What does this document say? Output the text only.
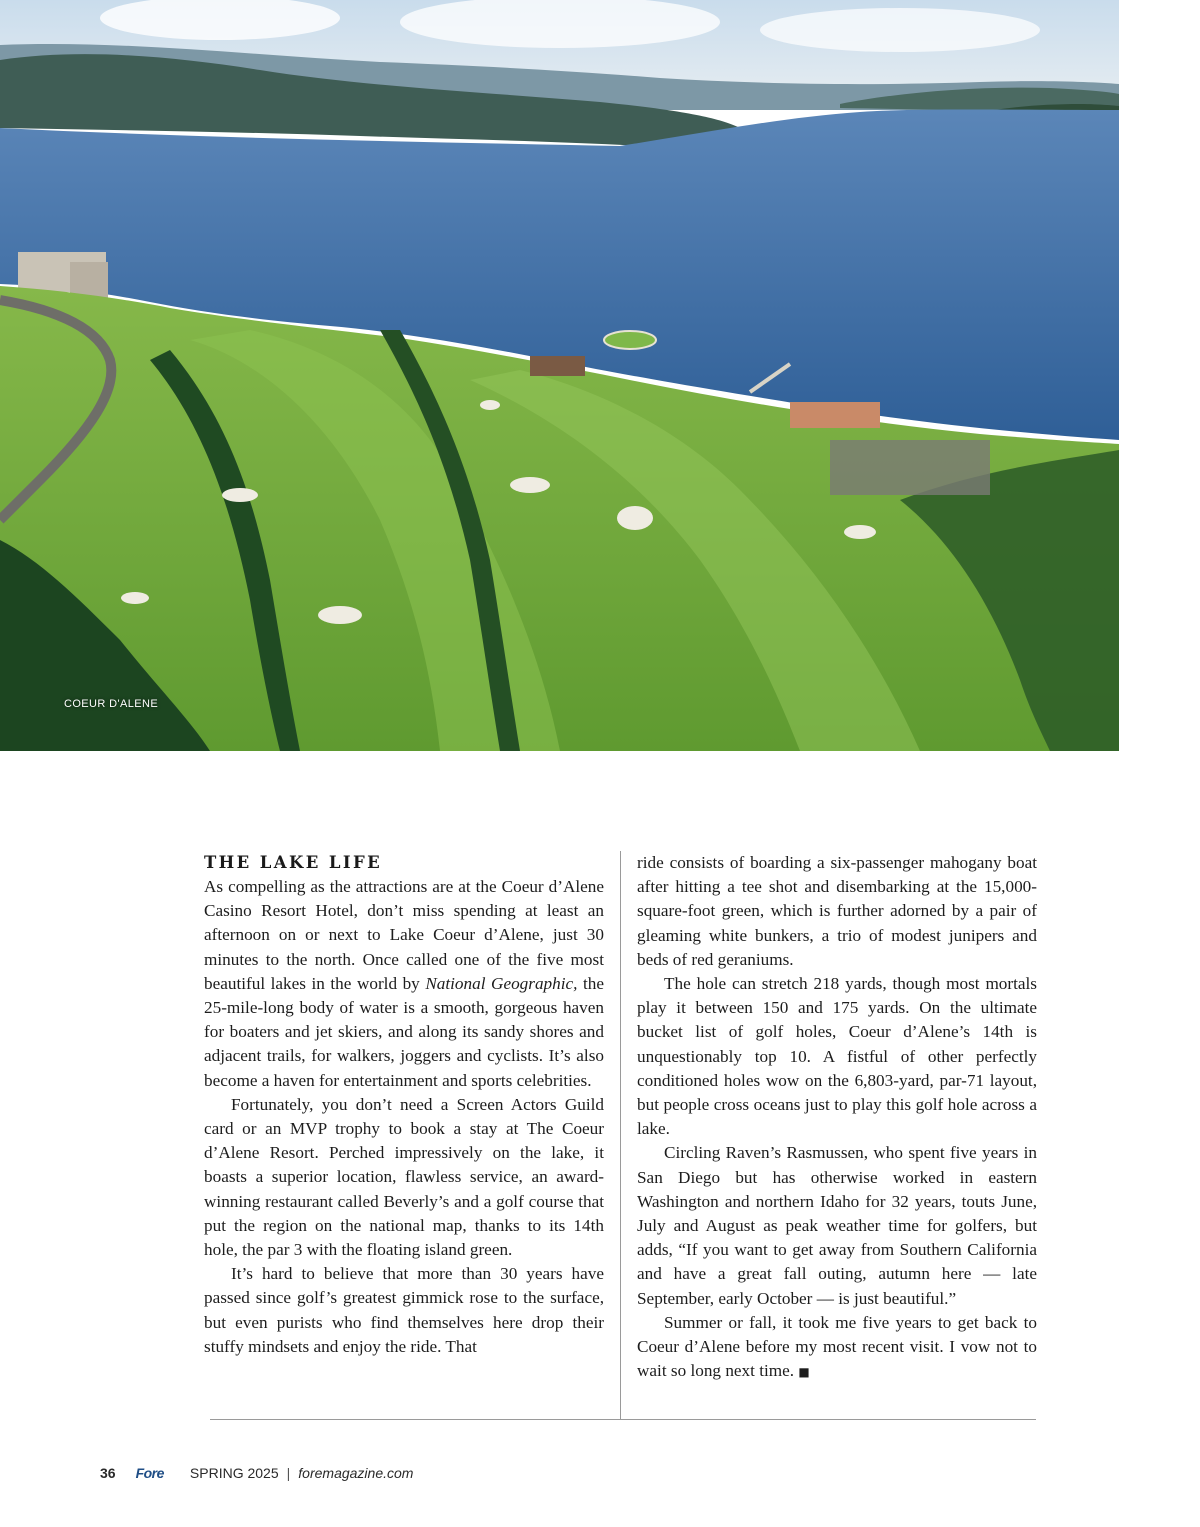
COEUR D'ALENE

THE LAKE LIFE

As compelling as the attractions are at the Coeur d’Alene Casino Resort Hotel, don’t miss spending at least an afternoon on or next to Lake Coeur d’Alene, just 30 minutes to the north. Once called one of the five most beautiful lakes in the world by National Geographic, the 25-mile-long body of water is a smooth, gorgeous haven for boaters and jet skiers, and along its sandy shores and adjacent trails, for walkers, joggers and cyclists. It’s also become a haven for entertainment and sports celebrities.

Fortunately, you don’t need a Screen Actors Guild card or an MVP trophy to book a stay at The Coeur d’Alene Resort. Perched impressively on the lake, it boasts a superior location, flawless service, an award-winning restaurant called Beverly’s and a golf course that put the region on the national map, thanks to its 14th hole, the par 3 with the floating island green.

It’s hard to believe that more than 30 years have passed since golf’s greatest gimmick rose to the surface, but even purists who find themselves here drop their stuffy mindsets and enjoy the ride. That

ride consists of boarding a six-passenger mahogany boat after hitting a tee shot and disembarking at the 15,000-square-foot green, which is further adorned by a pair of gleaming white bunkers, a trio of modest junipers and beds of red geraniums.

The hole can stretch 218 yards, though most mortals play it between 150 and 175 yards. On the ultimate bucket list of golf holes, Coeur d’Alene’s 14th is unquestionably top 10. A fistful of other perfectly conditioned holes wow on the 6,803-yard, par-71 layout, but people cross oceans just to play this golf hole across a lake.

Circling Raven’s Rasmussen, who spent five years in San Diego but has otherwise worked in eastern Washington and northern Idaho for 32 years, touts June, July and August as peak weather time for golfers, but adds, “If you want to get away from Southern California and have a great fall outing, autumn here — late September, early October — is just beautiful.”

Summer or fall, it took me five years to get back to Coeur d’Alene before my most recent visit. I vow not to wait so long next time. ■

36 Fore SPRING 2025 | foremagazine.com
